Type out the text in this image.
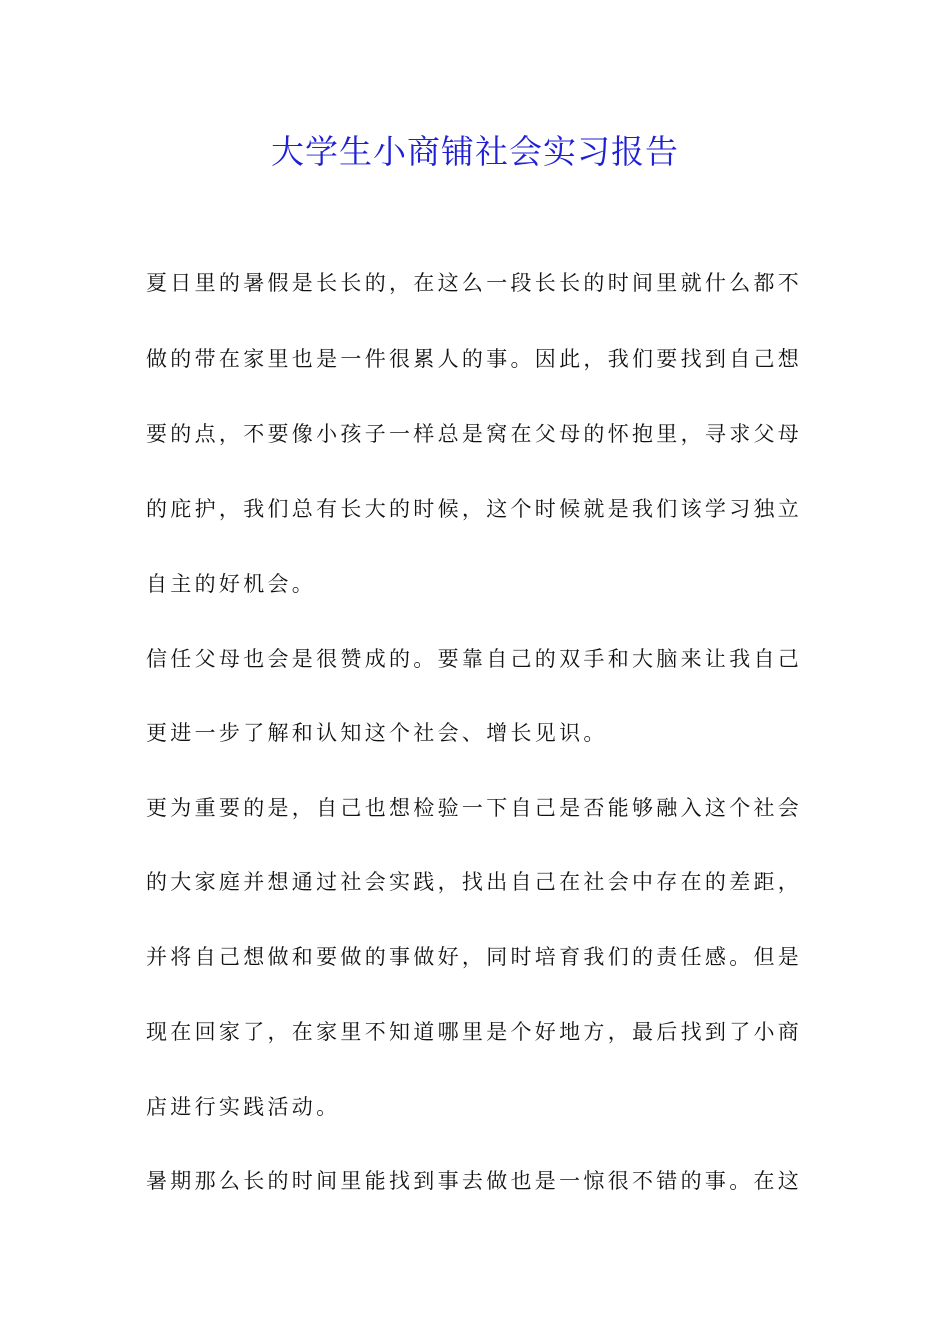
大学生小商铺社会实习报告

夏日里的暑假是长长的，在这么一段长长的时间里就什么都不

做的带在家里也是一件很累人的事。因此，我们要找到自己想

要的点，不要像小孩子一样总是窝在父母的怀抱里，寻求父母

的庇护，我们总有长大的时候，这个时候就是我们该学习独立

自主的好机会。

信任父母也会是很赞成的。要靠自己的双手和大脑来让我自己

更进一步了解和认知这个社会、增长见识。

更为重要的是，自己也想检验一下自己是否能够融入这个社会

的大家庭并想通过社会实践，找出自己在社会中存在的差距，

并将自己想做和要做的事做好，同时培育我们的责任感。但是

现在回家了，在家里不知道哪里是个好地方，最后找到了小商

店进行实践活动。

暑期那么长的时间里能找到事去做也是一惊很不错的事。在这
